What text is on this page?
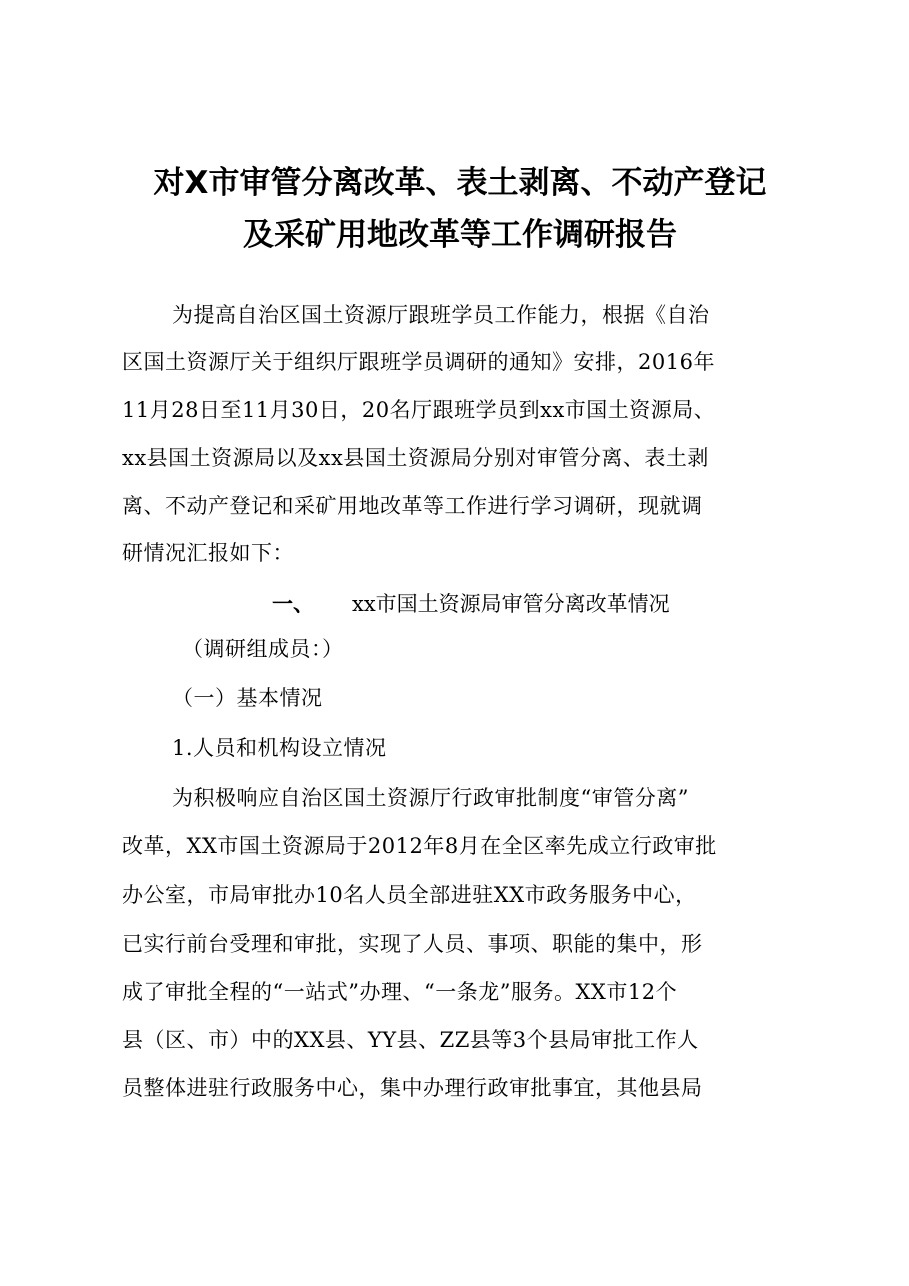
对X市审管分离改革、表土剥离、不动产登记
及采矿用地改革等工作调研报告
为提高自治区国土资源厅跟班学员工作能力，根据《自治
区国土资源厅关于组织厅跟班学员调研的通知》安排，2016年
11月28日至11月30日，20名厅跟班学员到xx市国土资源局、
xx县国土资源局以及xx县国土资源局分别对审管分离、表土剥
离、不动产登记和采矿用地改革等工作进行学习调研，现就调
研情况汇报如下：
一、 xx市国土资源局审管分离改革情况
（调研组成员：）
（一）基本情况
1.人员和机构设立情况
为积极响应自治区国土资源厅行政审批制度“审管分离”
改革，XX市国土资源局于2012年8月在全区率先成立行政审批
办公室，市局审批办10名人员全部进驻XX市政务服务中心，
已实行前台受理和审批，实现了人员、事项、职能的集中，形
成了审批全程的“一站式”办理、“一条龙”服务。XX市12个
县（区、市）中的XX县、YY县、ZZ县等3个县局审批工作人
员整体进驻行政服务中心，集中办理行政审批事宜，其他县局
